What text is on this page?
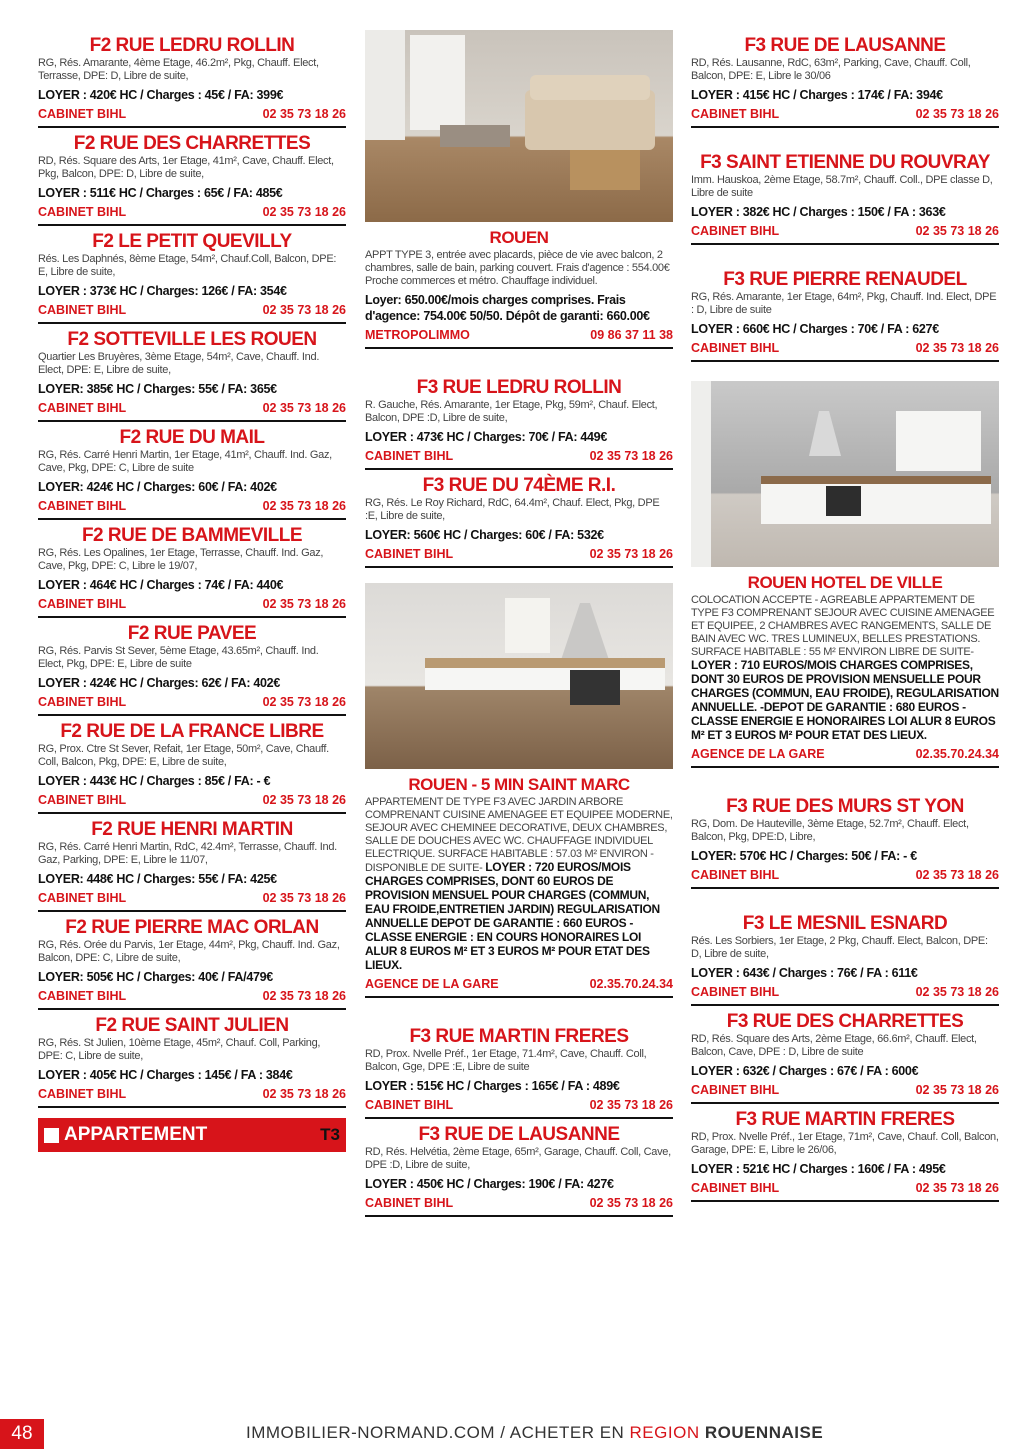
F2 RUE LEDRU ROLLIN
RG, Rés. Amarante, 4ème Etage, 46.2m², Pkg, Chauff. Elect, Terrasse, DPE: D, Libre de suite,
LOYER : 420€ HC / Charges : 45€ / FA: 399€
CABINET BIHL	02 35 73 18 26
F2 RUE DES CHARRETTES
RD, Rés. Square des Arts, 1er Etage, 41m², Cave, Chauff. Elect, Pkg, Balcon, DPE: D, Libre de suite,
LOYER : 511€ HC / Charges : 65€ / FA: 485€
CABINET BIHL	02 35 73 18 26
F2 LE PETIT QUEVILLY
Rés. Les Daphnés, 8ème Etage, 54m², Chauf.Coll, Balcon, DPE: E, Libre de suite,
LOYER : 373€ HC / Charges: 126€ / FA: 354€
CABINET BIHL	02 35 73 18 26
F2 SOTTEVILLE LES ROUEN
Quartier Les Bruyères, 3ème Etage, 54m², Cave, Chauff. Ind. Elect, DPE: E, Libre de suite,
LOYER: 385€ HC / Charges: 55€ / FA: 365€
CABINET BIHL	02 35 73 18 26
F2 RUE DU MAIL
RG, Rés. Carré Henri Martin, 1er Etage, 41m², Chauff. Ind. Gaz, Cave, Pkg, DPE: C, Libre de suite
LOYER: 424€ HC / Charges: 60€ / FA: 402€
CABINET BIHL	02 35 73 18 26
F2 RUE DE BAMMEVILLE
RG, Rés. Les Opalines, 1er Etage, Terrasse, Chauff. Ind. Gaz, Cave, Pkg, DPE: C, Libre le 19/07,
LOYER : 464€ HC / Charges : 74€ / FA: 440€
CABINET BIHL	02 35 73 18 26
F2 RUE PAVEE
RG, Rés. Parvis St Sever, 5ème Etage, 43.65m², Chauff. Ind. Elect, Pkg, DPE: E, Libre de suite
LOYER : 424€ HC / Charges: 62€ / FA: 402€
CABINET BIHL	02 35 73 18 26
F2 RUE DE LA FRANCE LIBRE
RG, Prox. Ctre St Sever, Refait, 1er Etage, 50m², Cave, Chauff. Coll, Balcon, Pkg, DPE: E, Libre de suite,
LOYER : 443€ HC / Charges : 85€ / FA: - €
CABINET BIHL	02 35 73 18 26
F2 RUE HENRI MARTIN
RG, Rés. Carré Henri Martin, RdC, 42.4m², Terrasse, Chauff. Ind. Gaz, Parking, DPE: E, Libre le 11/07,
LOYER: 448€ HC / Charges: 55€ / FA: 425€
CABINET BIHL	02 35 73 18 26
F2 RUE PIERRE MAC ORLAN
RG, Rés. Orée du Parvis, 1er Etage, 44m², Pkg, Chauff. Ind. Gaz, Balcon, DPE: C, Libre de suite,
LOYER: 505€ HC / Charges: 40€ / FA/479€
CABINET BIHL	02 35 73 18 26
F2 RUE SAINT JULIEN
RG, Rés. St Julien, 10ème Etage, 45m², Chauf. Coll, Parking, DPE: C, Libre de suite,
LOYER : 405€ HC / Charges : 145€ / FA : 384€
CABINET BIHL	02 35 73 18 26
APPARTEMENT	T3
ROUEN
APPT TYPE 3, entrée avec placards, pièce de vie avec balcon, 2 chambres, salle de bain, parking couvert. Frais d'agence : 554.00€ Proche commerces et métro. Chauffage individuel.
Loyer: 650.00€/mois charges comprises. Frais d'agence: 754.00€ 50/50. Dépôt de garanti: 660.00€
METROPOLIMMO	09 86 37 11 38
F3 RUE LEDRU ROLLIN
R. Gauche, Rés. Amarante, 1er Etage, Pkg, 59m², Chauf. Elect, Balcon, DPE :D, Libre de suite,
LOYER : 473€ HC / Charges: 70€ / FA: 449€
CABINET BIHL	02 35 73 18 26
F3 RUE DU 74ÈME R.I.
RG, Rés. Le Roy Richard, RdC, 64.4m², Chauf. Elect, Pkg, DPE :E, Libre de suite,
LOYER: 560€ HC / Charges: 60€ / FA: 532€
CABINET BIHL	02 35 73 18 26
ROUEN - 5 MIN SAINT MARC
APPARTEMENT DE TYPE F3 AVEC JARDIN ARBORE COMPRENANT CUISINE AMENAGEE ET EQUIPEE MODERNE, SEJOUR AVEC CHEMINEE DECORATIVE, DEUX CHAMBRES, SALLE DE DOUCHES AVEC WC. CHAUFFAGE INDIVIDUEL ELECTRIQUE. SURFACE HABITABLE : 57.03 M² ENVIRON - DISPONIBLE DE SUITE- LOYER : 720 EUROS/MOIS CHARGES COMPRISES, DONT 60 EUROS DE PROVISION MENSUEL POUR CHARGES (COMMUN, EAU FROIDE,ENTRETIEN JARDIN) REGULARISATION ANNUELLE DEPOT DE GARANTIE : 660 EUROS - CLASSE ENERGIE : EN COURS HONORAIRES LOI ALUR 8 EUROS M² ET 3 EUROS M² POUR ETAT DES LIEUX.
AGENCE DE LA GARE	02.35.70.24.34
F3 RUE MARTIN FRERES
RD, Prox. Nvelle Préf., 1er Etage, 71.4m², Cave, Chauff. Coll, Balcon, Gge, DPE :E, Libre de suite
LOYER : 515€ HC / Charges : 165€ / FA : 489€
CABINET BIHL	02 35 73 18 26
F3 RUE DE LAUSANNE
RD, Rés. Helvétia, 2ème Etage, 65m², Garage, Chauff. Coll, Cave, DPE :D, Libre de suite,
LOYER : 450€ HC / Charges: 190€ / FA: 427€
CABINET BIHL	02 35 73 18 26
F3 RUE DE LAUSANNE
RD, Rés. Lausanne, RdC, 63m², Parking, Cave, Chauff. Coll, Balcon, DPE: E, Libre le 30/06
LOYER : 415€ HC / Charges : 174€ / FA: 394€
CABINET BIHL	02 35 73 18 26
F3 SAINT ETIENNE DU ROUVRAY
Imm. Hauskoa, 2ème Etage, 58.7m², Chauff. Coll., DPE classe D, Libre de suite
LOYER : 382€ HC / Charges : 150€ / FA : 363€
CABINET BIHL	02 35 73 18 26
F3 RUE PIERRE RENAUDEL
RG, Rés. Amarante, 1er Etage, 64m², Pkg, Chauff. Ind. Elect, DPE : D, Libre de suite
LOYER : 660€ HC / Charges : 70€ / FA : 627€
CABINET BIHL	02 35 73 18 26
ROUEN HOTEL DE VILLE
COLOCATION ACCEPTE - AGREABLE APPARTEMENT DE TYPE F3 COMPRENANT SEJOUR AVEC CUISINE AMENAGEE ET EQUIPEE, 2 CHAMBRES AVEC RANGEMENTS, SALLE DE BAIN AVEC WC. TRES LUMINEUX, BELLES PRESTATIONS. SURFACE HABITABLE : 55 M² ENVIRON LIBRE DE SUITE- LOYER : 710 EUROS/MOIS CHARGES COMPRISES, DONT 30 EUROS DE PROVISION MENSUELLE POUR CHARGES (COMMUN, EAU FROIDE), REGULARISATION ANNUELLE. -DEPOT DE GARANTIE : 680 EUROS - CLASSE ENERGIE E HONORAIRES LOI ALUR 8 EUROS M² ET 3 EUROS M² POUR ETAT DES LIEUX.
AGENCE DE LA GARE	02.35.70.24.34
F3 RUE DES MURS ST YON
RG, Dom. De Hauteville, 3ème Etage, 52.7m², Chauff. Elect, Balcon, Pkg, DPE:D, Libre,
LOYER: 570€ HC / Charges: 50€ / FA: - €
CABINET BIHL	02 35 73 18 26
F3 LE MESNIL ESNARD
Rés. Les Sorbiers, 1er Etage, 2 Pkg, Chauff. Elect, Balcon, DPE: D, Libre de suite,
LOYER : 643€ / Charges : 76€ / FA : 611€
CABINET BIHL	02 35 73 18 26
F3 RUE DES CHARRETTES
RD, Rés. Square des Arts, 2ème Etage, 66.6m², Chauff. Elect, Balcon, Cave, DPE : D, Libre de suite
LOYER : 632€ / Charges : 67€ / FA : 600€
CABINET BIHL	02 35 73 18 26
F3 RUE MARTIN FRERES
RD, Prox. Nvelle Préf., 1er Etage, 71m², Cave, Chauf. Coll, Balcon, Garage, DPE: E, Libre le 26/06,
LOYER : 521€ HC / Charges : 160€ / FA : 495€
CABINET BIHL	02 35 73 18 26
48	IMMOBILIER-NORMAND.COM / ACHETER EN REGION ROUENNAISE
